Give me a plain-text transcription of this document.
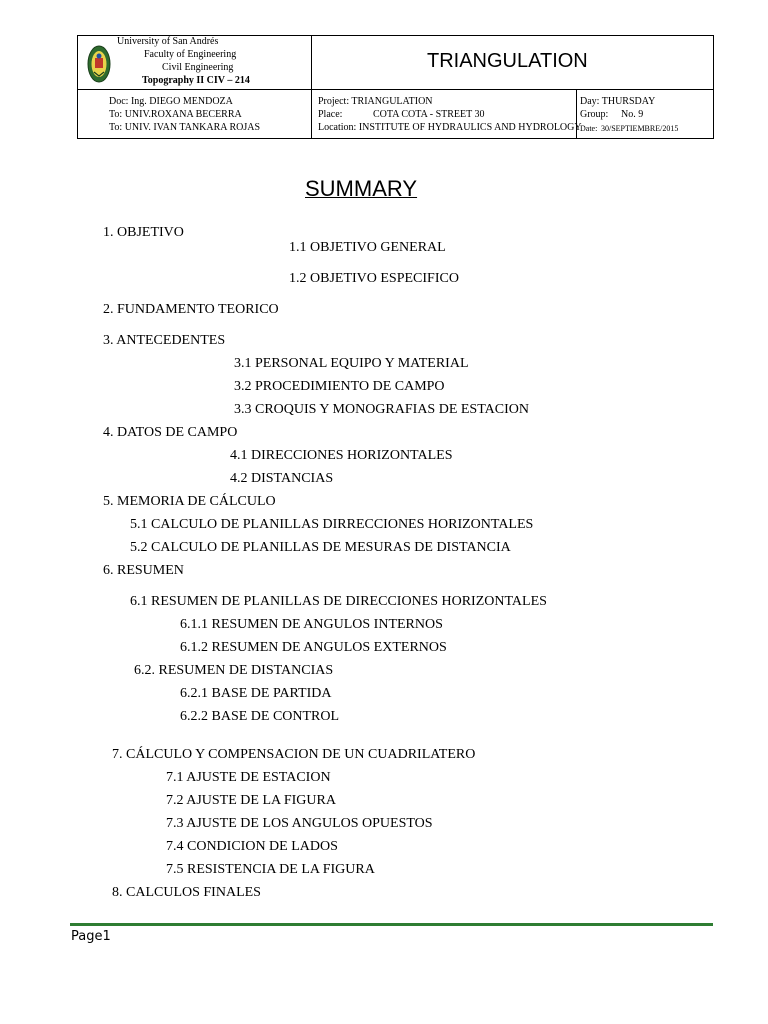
University of San Andrés
Faculty of Engineering
Civil Engineering
Topography II CIV – 214
TRIANGULATION
Doc: Ing. DIEGO MENDOZA
To: UNIV.ROXANA BECERRA
To: UNIV. IVAN TANKARA ROJAS
Project: TRIANGULATION
Place:	COTA COTA - STREET 30
Location: INSTITUTE OF HYDRAULICS AND HYDROLOGY
Day: THURSDAY
Group: No. 9
Date: 30/SEPTIEMBRE/2015
SUMMARY
1. OBJETIVO
1.1 OBJETIVO GENERAL
1.2 OBJETIVO ESPECIFICO
2. FUNDAMENTO TEORICO
3. ANTECEDENTES
3.1 PERSONAL EQUIPO Y MATERIAL
3.2 PROCEDIMIENTO DE CAMPO
3.3 CROQUIS Y MONOGRAFIAS DE ESTACION
4. DATOS DE CAMPO
4.1 DIRECCIONES HORIZONTALES
4.2 DISTANCIAS
5. MEMORIA DE CÁLCULO
5.1 CALCULO DE PLANILLAS DIRRECCIONES HORIZONTALES
5.2 CALCULO DE PLANILLAS DE MESURAS DE DISTANCIA
6. RESUMEN
6.1 RESUMEN DE PLANILLAS DE DIRECCIONES HORIZONTALES
6.1.1 RESUMEN DE ANGULOS INTERNOS
6.1.2 RESUMEN DE ANGULOS EXTERNOS
6.2. RESUMEN DE DISTANCIAS
6.2.1 BASE DE PARTIDA
6.2.2 BASE DE CONTROL
7. CÁLCULO Y COMPENSACION DE UN CUADRILATERO
7.1 AJUSTE DE ESTACION
7.2 AJUSTE DE LA FIGURA
7.3 AJUSTE DE LOS ANGULOS OPUESTOS
7.4 CONDICION DE LADOS
7.5 RESISTENCIA DE LA FIGURA
8. CALCULOS FINALES
Page1
